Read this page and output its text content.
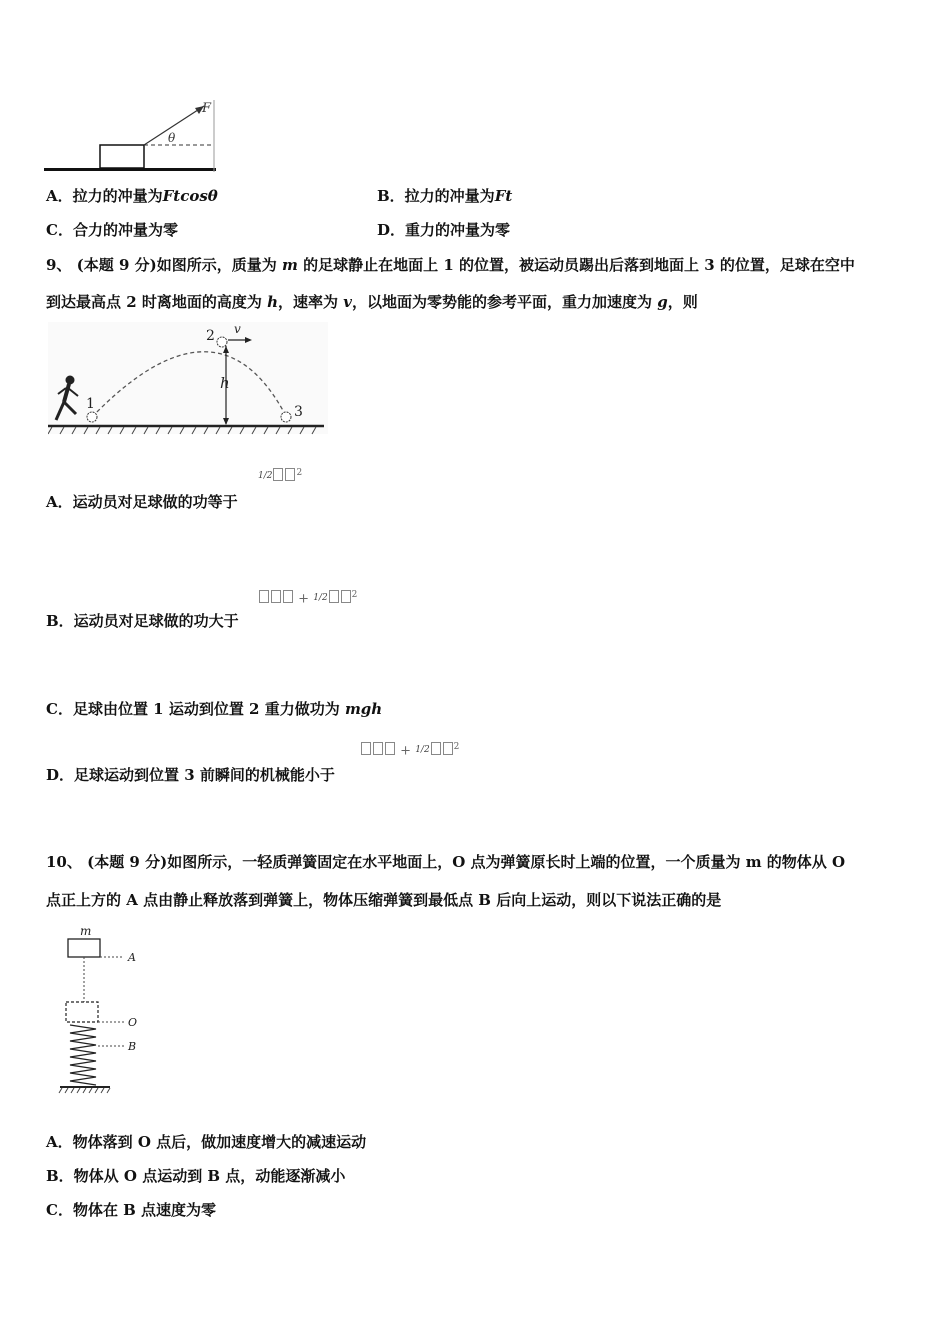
F
θ
A．拉力的冲量为Ftcosθ	B．拉力的冲量为Ft
C．合力的冲量为零	D．重力的冲量为零
9、 (本题 9 分)如图所示，质量为 m 的足球静止在地面上 1 的位置，被运动员踢出后落到地面上 3 的位置，足球在空中
到达最高点 2 时离地面的高度为 h，速率为 v，以地面为零势能的参考平面，重力加速度为 g，则
1
2
3
h
v
A．运动员对足球做的功等于
1/2	$^2$
B．运动员对足球做的功大于
+ 1/2	$^2$
C．足球由位置 1 运动到位置 2 重力做功为 mgh
D．足球运动到位置 3 前瞬间的机械能小于
+ 1/2	$^2$
10、 (本题 9 分)如图所示，一轻质弹簧固定在水平地面上，O 点为弹簧原长时上端的位置，一个质量为 m 的物体从 O
点正上方的 A 点由静止释放落到弹簧上，物体压缩弹簧到最低点 B 后向上运动，则以下说法正确的是
m
A
O
B
A．物体落到 O 点后，做加速度增大的减速运动
B．物体从 O 点运动到 B 点，动能逐渐减小
C．物体在 B 点速度为零
